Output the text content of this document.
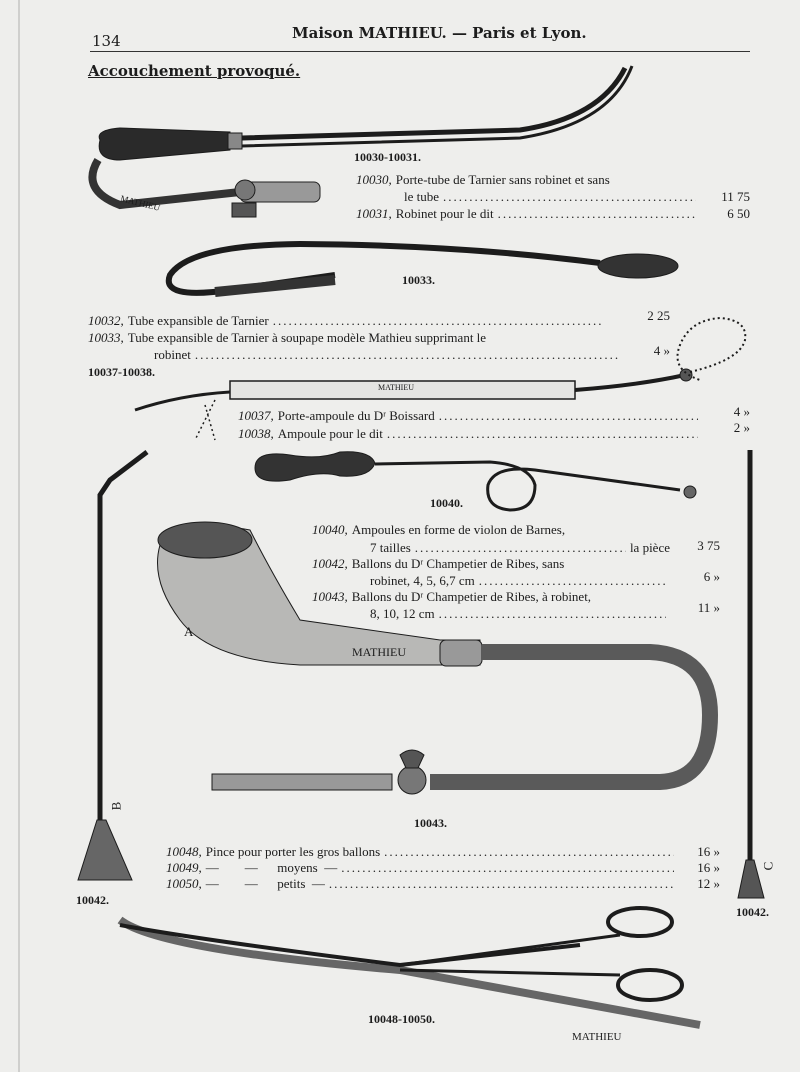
134	Maison MATHIEU. — Paris et Lyon.
Accouchement provoqué.
MATHIEU
MATHIEU
MATHIEU
MATHIEU
A
B
C
10030-10031.
10033.
10037-10038.
10040.
10043.
10042.
10042.
10048-10050.
10030, Porte-tube de Tarnier sans robinet et sans
le tube .....	11 75
10031, Robinet pour le dit .....	6 50
10032, Tube expansible de Tarnier .....	2 25
10033, Tube expansible de Tarnier à soupape modèle Mathieu supprimant le
robinet .....	4 »
10037, Porte-ampoule du Dʳ Boissard .....	4 »
10038, Ampoule pour le dit .....	2 »
10040, Ampoules en forme de violon de Barnes,
7 tailles .....	la pièce	3 75
10042, Ballons du Dʳ Champetier de Ribes, sans
robinet, 4, 5, 6,7 cm .....	6 »
10043, Ballons du Dʳ Champetier de Ribes, à robinet,
8, 10, 12 cm .....	11 »
10048, Pince pour porter les gros ballons .....	16 »
10049, —        —      moyens  — .....	16 »
10050, —        —      petits  — .....	12 »
